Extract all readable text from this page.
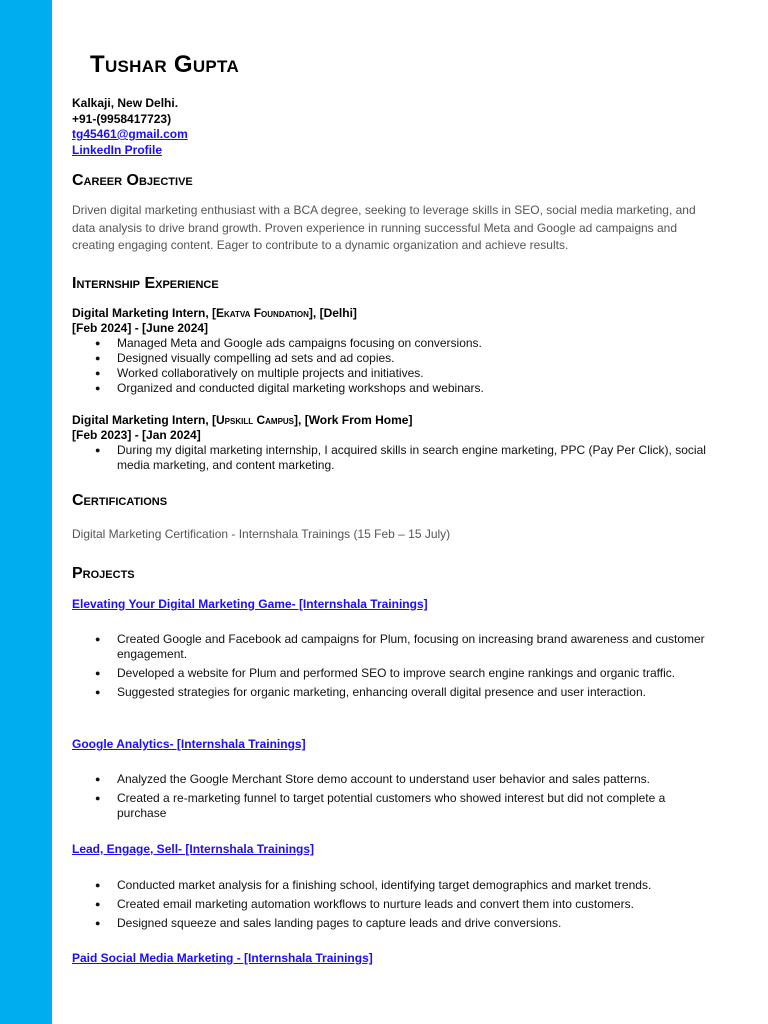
Tushar Gupta
Kalkaji, New Delhi.
+91-(9958417723)
tg45461@gmail.com
LinkedIn Profile
Career Objective

Driven digital marketing enthusiast with a BCA degree, seeking to leverage skills in SEO, social media marketing, and data analysis to drive brand growth. Proven experience in running successful Meta and Google ad campaigns and creating engaging content. Eager to contribute to a dynamic organization and achieve results.

Internship Experience
Digital Marketing Intern, [Ekatva Foundation], [Delhi]
[Feb 2024] - [June 2024]
● Managed Meta and Google ads campaigns focusing on conversions.
● Designed visually compelling ad sets and ad copies.
● Worked collaboratively on multiple projects and initiatives.
● Organized and conducted digital marketing workshops and webinars.
Digital Marketing Intern, [Upskill Campus], [Work From Home]
[Feb 2023] - [Jan 2024]
● During my digital marketing internship, I acquired skills in search engine marketing, PPC (Pay Per Click), social media marketing, and content marketing.
Certifications

Digital Marketing Certification - Internshala Trainings (15 Feb – 15 July)

Projects
Elevating Your Digital Marketing Game- [Internshala Trainings]
● Created Google and Facebook ad campaigns for Plum, focusing on increasing brand awareness and customer engagement.
● Developed a website for Plum and performed SEO to improve search engine rankings and organic traffic.
● Suggested strategies for organic marketing, enhancing overall digital presence and user interaction.
Google Analytics- [Internshala Trainings]
● Analyzed the Google Merchant Store demo account to understand user behavior and sales patterns.
● Created a re-marketing funnel to target potential customers who showed interest but did not complete a purchase
Lead, Engage, Sell- [Internshala Trainings]
● Conducted market analysis for a finishing school, identifying target demographics and market trends.
● Created email marketing automation workflows to nurture leads and convert them into customers.
● Designed squeeze and sales landing pages to capture leads and drive conversions.
Paid Social Media Marketing - [Internshala Trainings]
